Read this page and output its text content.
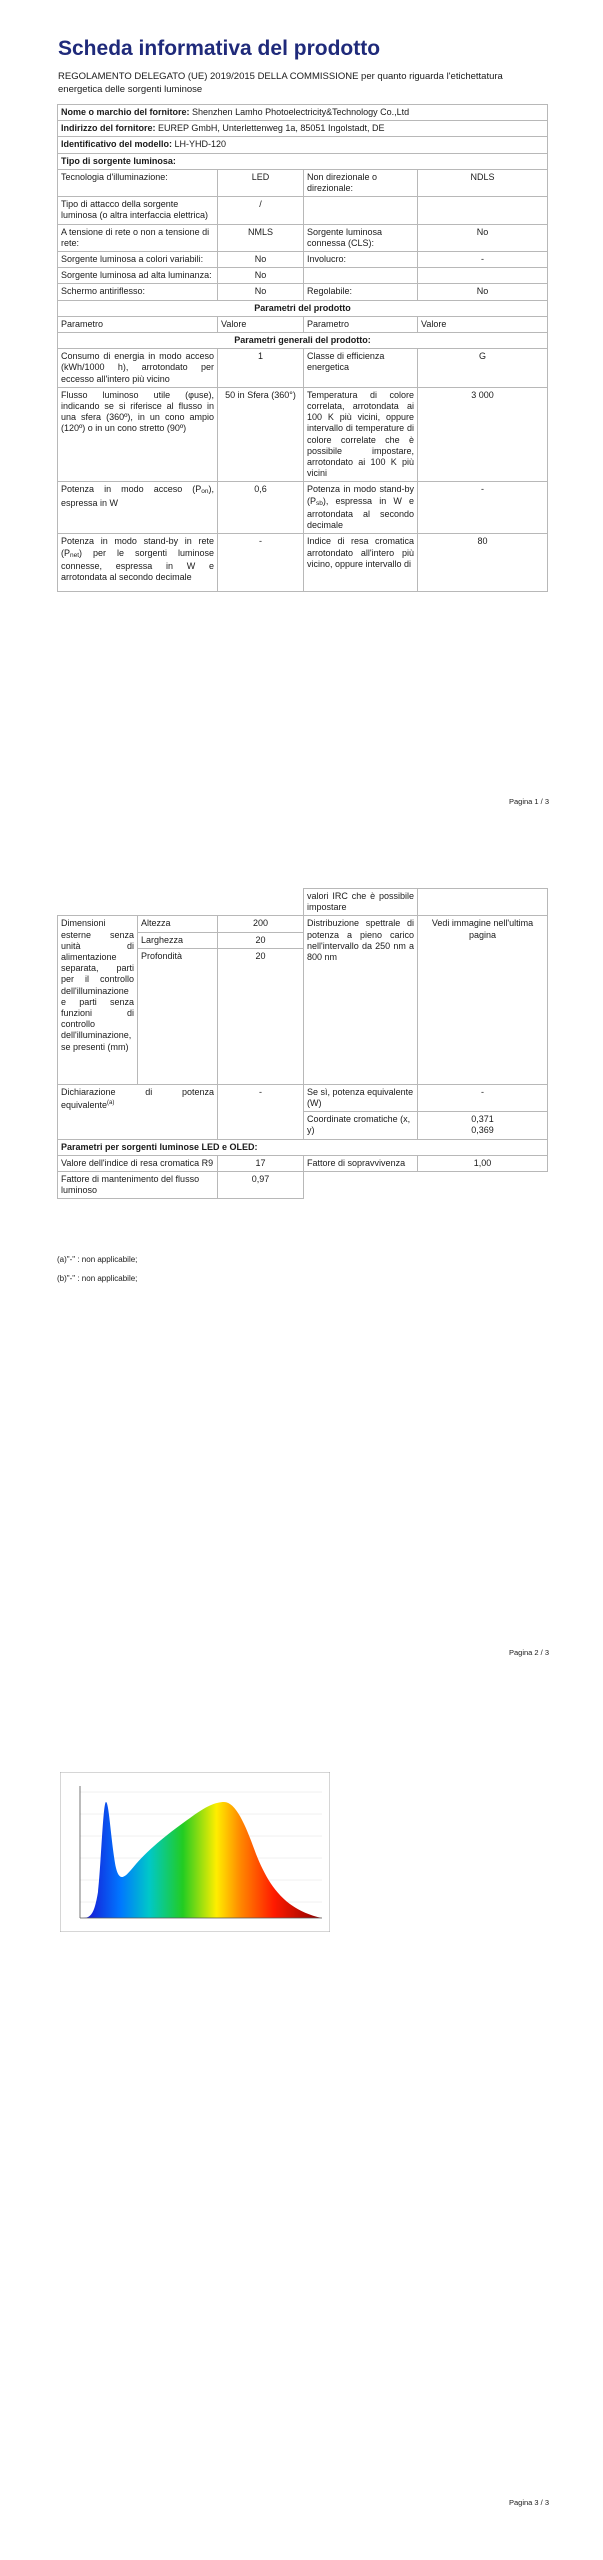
Scheda informativa del prodotto
REGOLAMENTO DELEGATO (UE) 2019/2015 DELLA COMMISSIONE per quanto riguarda l'etichettatura energetica delle sorgenti luminose
Nome o marchio del fornitore: Shenzhen Lamho Photoelectricity&Technology Co.,Ltd			
Indirizzo del fornitore: EUREP GmbH, Unterlettenweg 1a, 85051 Ingolstadt, DE			
Identificativo del modello: LH-YHD-120			
Tipo di sorgente luminosa:			
Tecnologia d'illuminazione:	LED	Non direzionale o direzionale:	NDLS
Tipo di attacco della sorgente luminosa (o altra interfaccia elettrica)	/		
A tensione di rete o non a tensione di rete:	NMLS	Sorgente luminosa connessa (CLS):	No
Sorgente luminosa a colori variabili:	No	Involucro:	-
Sorgente luminosa ad alta luminanza:	No		
Schermo antiriflesso:	No	Regolabile:	No
Parametri del prodotto			
Parametro	Valore	Parametro	Valore
Parametri generali del prodotto:			
Consumo di energia in modo acceso (kWh/1000 h), arrotondato per eccesso all'intero più vicino	1	Classe di efficienza energetica	G
Flusso luminoso utile (φuse), indicando se si riferisce al flusso in una sfera (360º), in un cono ampio (120º) o in un cono stretto (90º)	50 in Sfera (360°)	Temperatura di colore correlata, arrotondata ai 100 K più vicini, oppure intervallo di temperature di colore correlate che è possibile impostare, arrotondato ai 100 K più vicini	3 000
Potenza in modo acceso $(P_{on})$, espressa in W	0,6	Potenza in modo stand-by $(P_{sb})$, espressa in W e arrotondata al secondo decimale	-
Potenza in modo stand-by in rete $(P_{net})$ per le sorgenti luminose connesse, espressa in W e arrotondata al secondo decimale	-	Indice di resa cromatica arrotondato all'intero più vicino, oppure intervallo di	80
Pagina 1 / 3
			valori IRC che è possibile impostare	
Dimensioni esterne senza unità di alimentazione separata, parti per il controllo dell'illuminazione e parti senza funzioni di controllo dell'illuminazione, se presenti (mm)	Altezza	200	Distribuzione spettrale di potenza a pieno carico nell'intervallo da 250 nm a 800 nm	Vedi immagine nell'ultima pagina
	Larghezza	20		
	Profondità	20		
Dichiarazione di potenza equivalente$^{(a)}$		-	Se sì, potenza equivalente (W)	-
			Coordinate cromatiche (x, y)	0,371
0,369

Parametri per sorgenti luminose LED e OLED:				
Valore dell'indice di resa cromatica R9		17	Fattore di sopravvivenza	1,00
Fattore di mantenimento del flusso luminoso		0,97		
(a)"-" : non applicabile;
(b)"-" : non applicabile;
Pagina 2 / 3
Pagina 3 / 3
